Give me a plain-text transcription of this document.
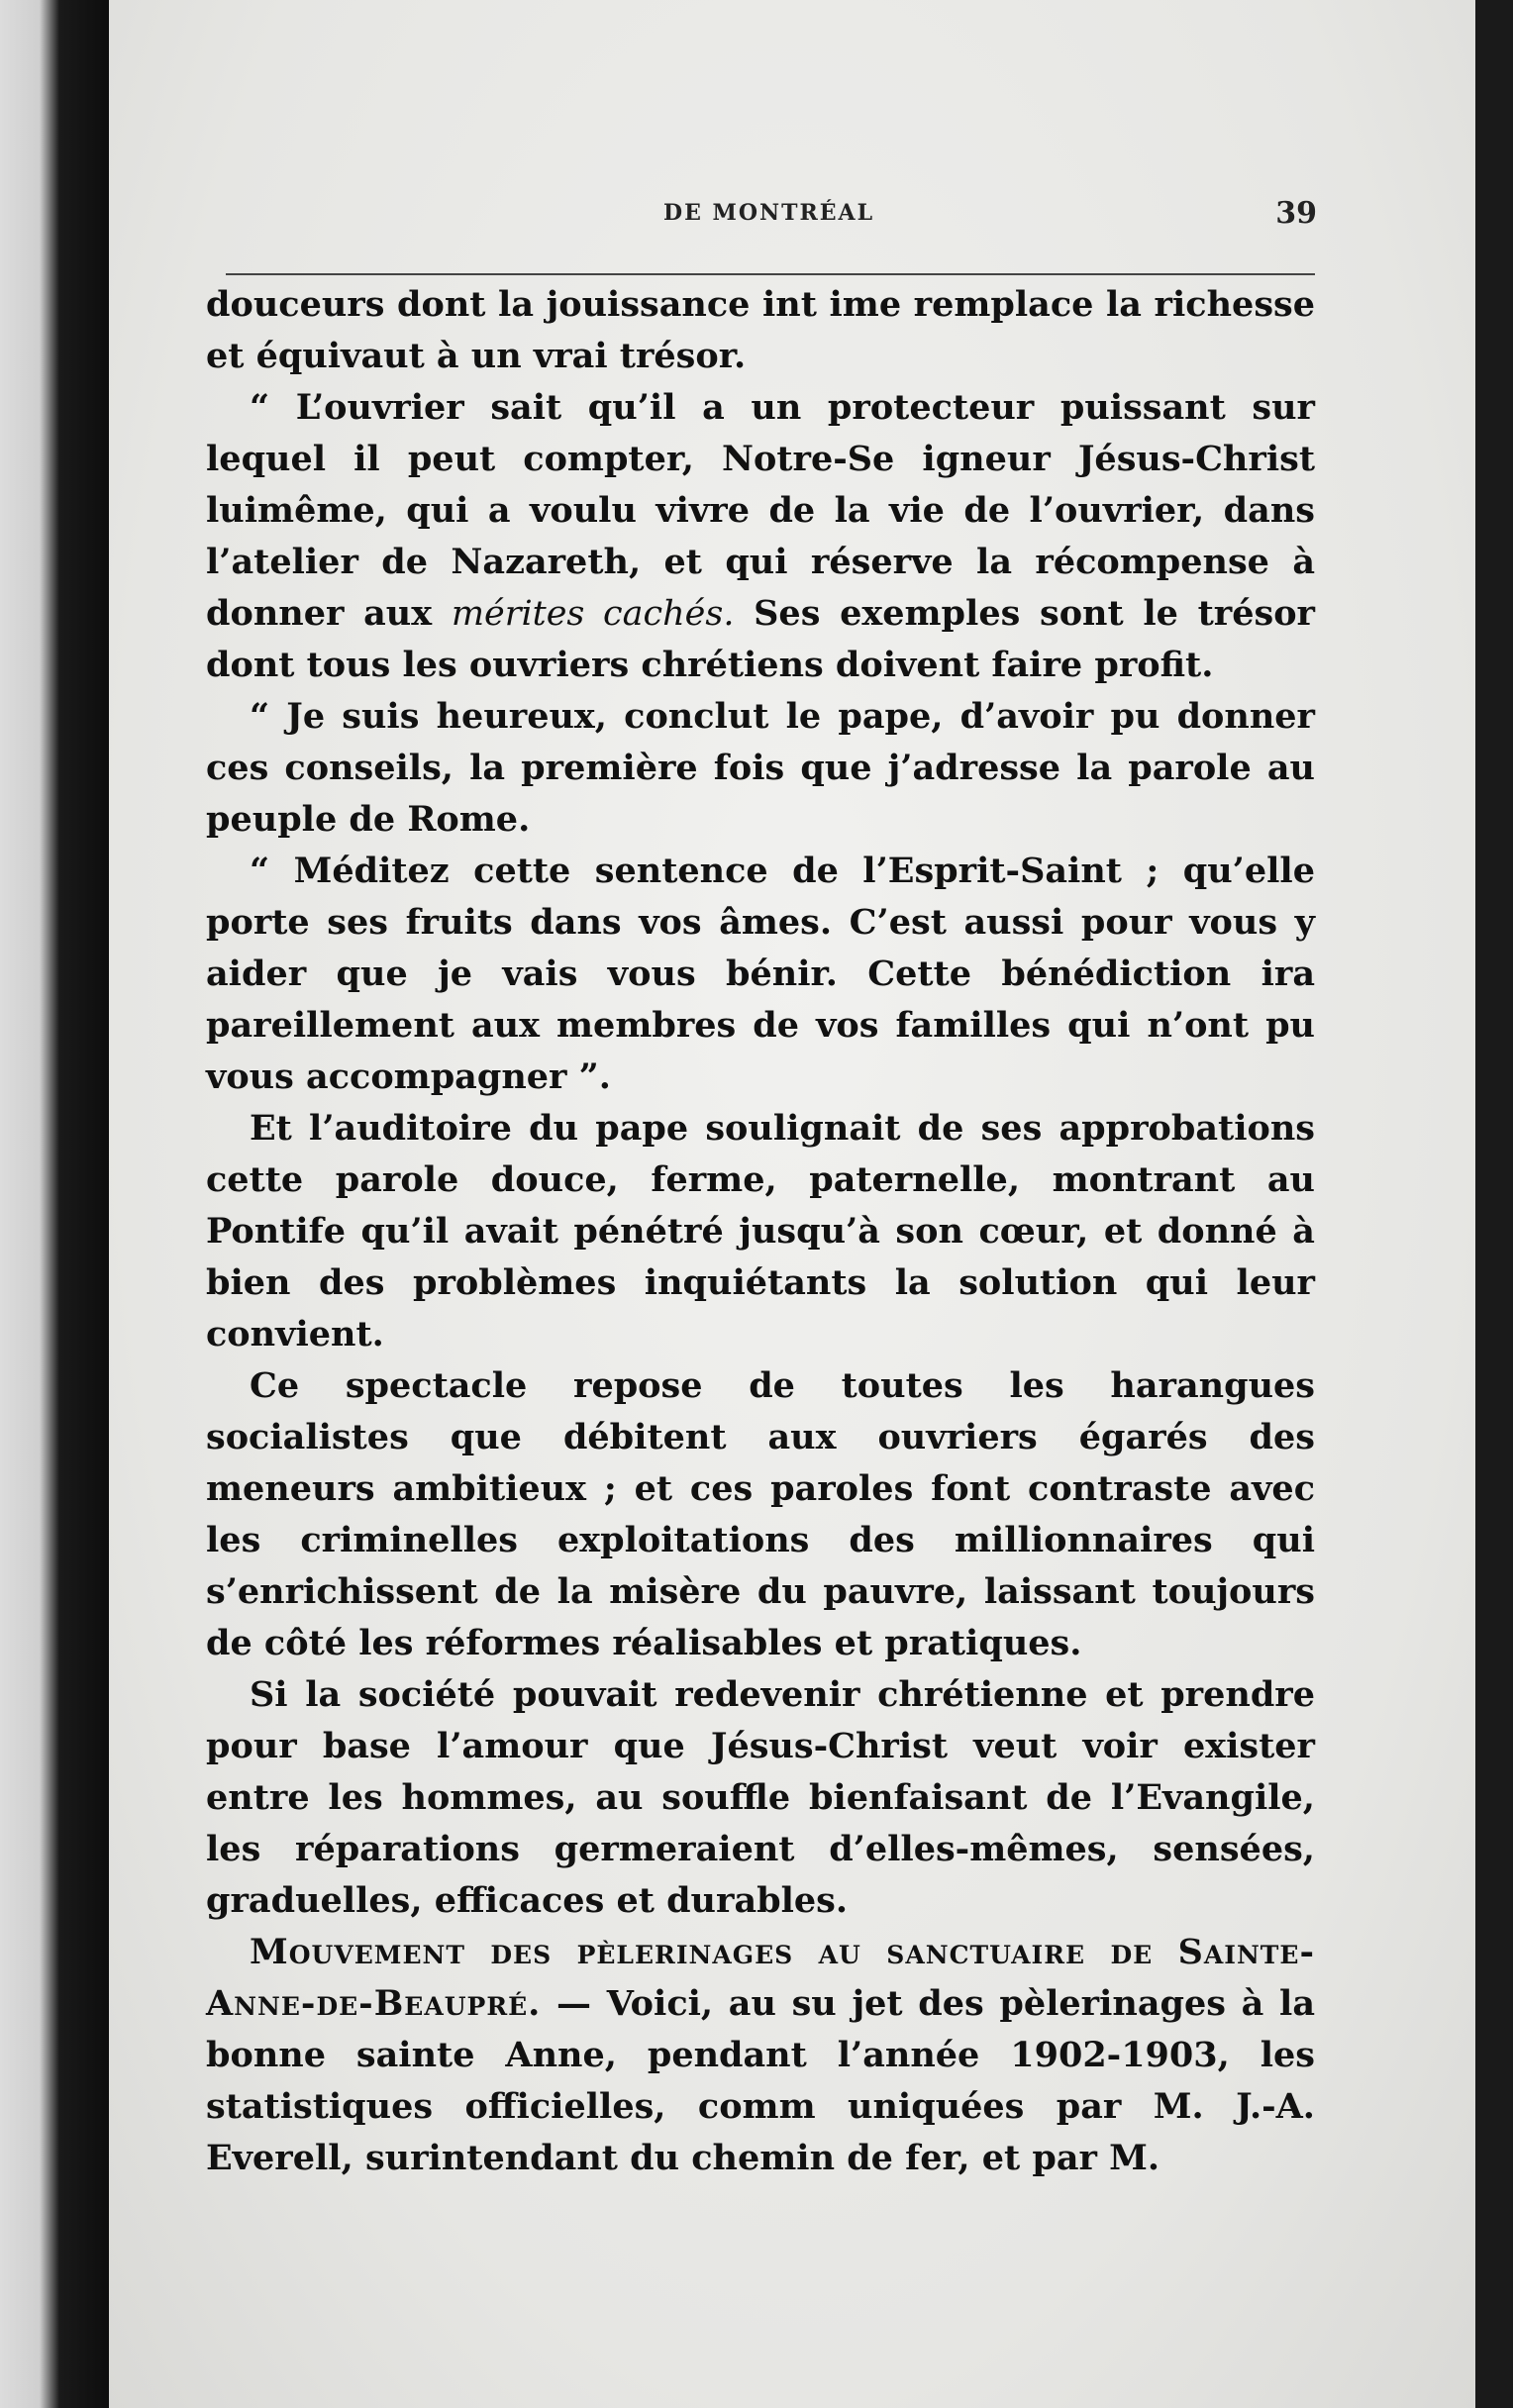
DE MONTRÉAL	39

douceurs dont la jouissance int ime remplace la richesse et équivaut à un vrai trésor.

“ L’ouvrier sait qu’il a un protecteur puissant sur lequel il peut compter, Notre-Se igneur Jésus-Christ luimême, qui a voulu vivre de la vie de l’ouvrier, dans l’atelier de Nazareth, et qui réserve la récompense à donner aux mérites cachés. Ses exemples sont le trésor dont tous les ouvriers chrétiens doivent faire profit.

“ Je suis heureux, conclut le pape, d’avoir pu donner ces conseils, la première fois que j’adresse la parole au peuple de Rome.

“ Méditez cette sentence de l’Esprit-Saint ; qu’elle porte ses fruits dans vos âmes. C’est aussi pour vous y aider que je vais vous bénir. Cette bénédiction ira pareillement aux membres de vos familles qui n’ont pu vous accompagner ”.

Et l’auditoire du pape soulignait de ses approbations cette parole douce, ferme, paternelle, montrant au Pontife qu’il avait pénétré jusqu’à son cœur, et donné à bien des problèmes inquiétants la solution qui leur convient.

Ce spectacle repose de toutes les harangues socialistes que débitent aux ouvriers égarés des meneurs ambitieux ; et ces paroles font contraste avec les criminelles exploitations des millionnaires qui s’enrichissent de la misère du pauvre, laissant toujours de côté les réformes réalisables et pratiques.

Si la société pouvait redevenir chrétienne et prendre pour base l’amour que Jésus-Christ veut voir exister entre les hommes, au souffle bienfaisant de l’Evangile, les réparations germeraient d’elles-mêmes, sensées, graduelles, efficaces et durables.

Mouvement des pèlerinages au sanctuaire de Sainte-Anne-de-Beaupré. — Voici, au su jet des pèlerinages à la bonne sainte Anne, pendant l’année 1902-1903, les statistiques officielles, comm uniquées par M. J.-A. Everell, surintendant du chemin de fer, et par M.
